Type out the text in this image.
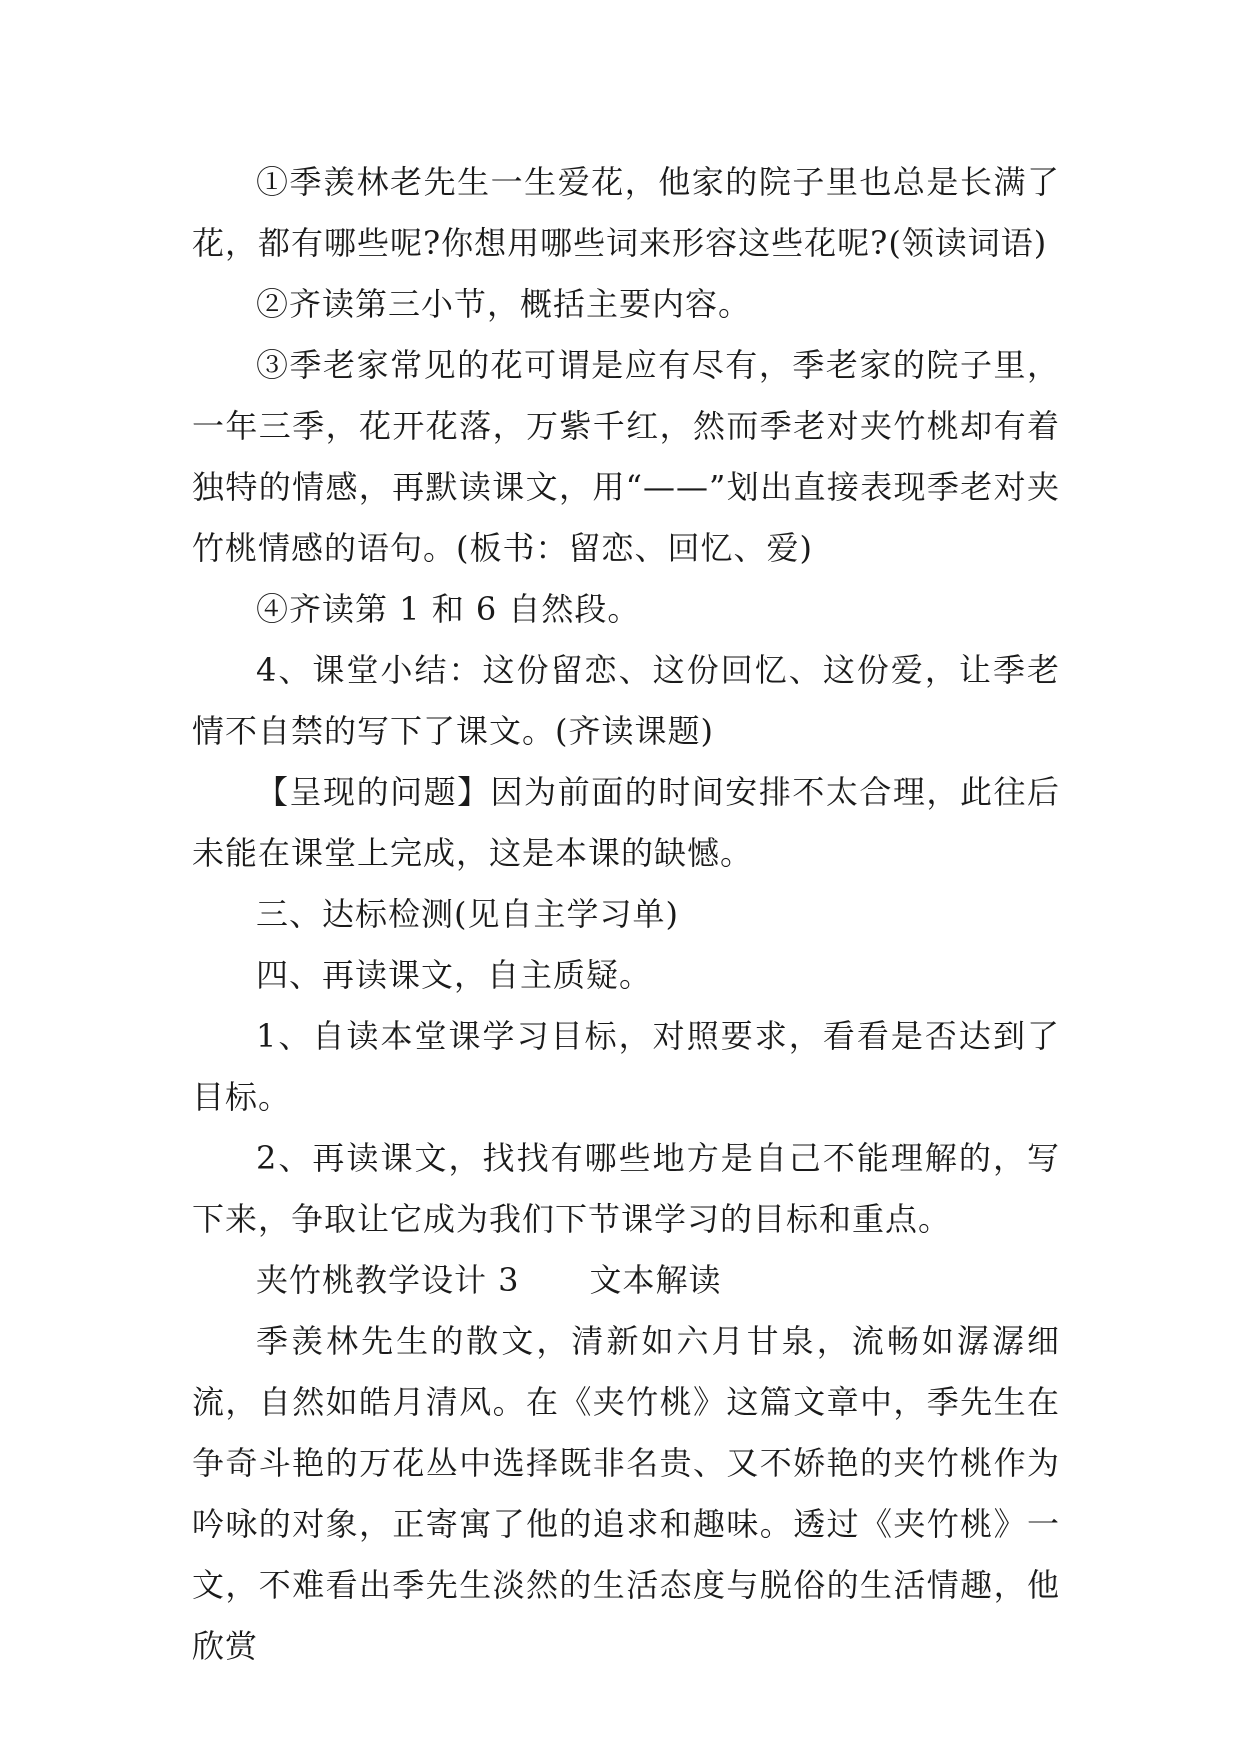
①季羡林老先生一生爱花，他家的院子里也总是长满了花，都有哪些呢?你想用哪些词来形容这些花呢?(领读词语)

②齐读第三小节，概括主要内容。

③季老家常见的花可谓是应有尽有，季老家的院子里，一年三季，花开花落，万紫千红，然而季老对夹竹桃却有着独特的情感，再默读课文，用“——”划出直接表现季老对夹竹桃情感的语句。(板书：留恋、回忆、爱)

④齐读第 1 和 6 自然段。

4、课堂小结：这份留恋、这份回忆、这份爱，让季老情不自禁的写下了课文。(齐读课题)

【呈现的问题】因为前面的时间安排不太合理，此往后未能在课堂上完成，这是本课的缺憾。

三、达标检测(见自主学习单)

四、再读课文，自主质疑。

1、自读本堂课学习目标，对照要求，看看是否达到了目标。

2、再读课文，找找有哪些地方是自己不能理解的，写下来，争取让它成为我们下节课学习的目标和重点。

夹竹桃教学设计 3 文本解读

季羡林先生的散文，清新如六月甘泉，流畅如潺潺细流，自然如皓月清风。在《夹竹桃》这篇文章中，季先生在争奇斗艳的万花丛中选择既非名贵、又不娇艳的夹竹桃作为吟咏的对象，正寄寓了他的追求和趣味。透过《夹竹桃》一文，不难看出季先生淡然的生活态度与脱俗的生活情趣，他欣赏
